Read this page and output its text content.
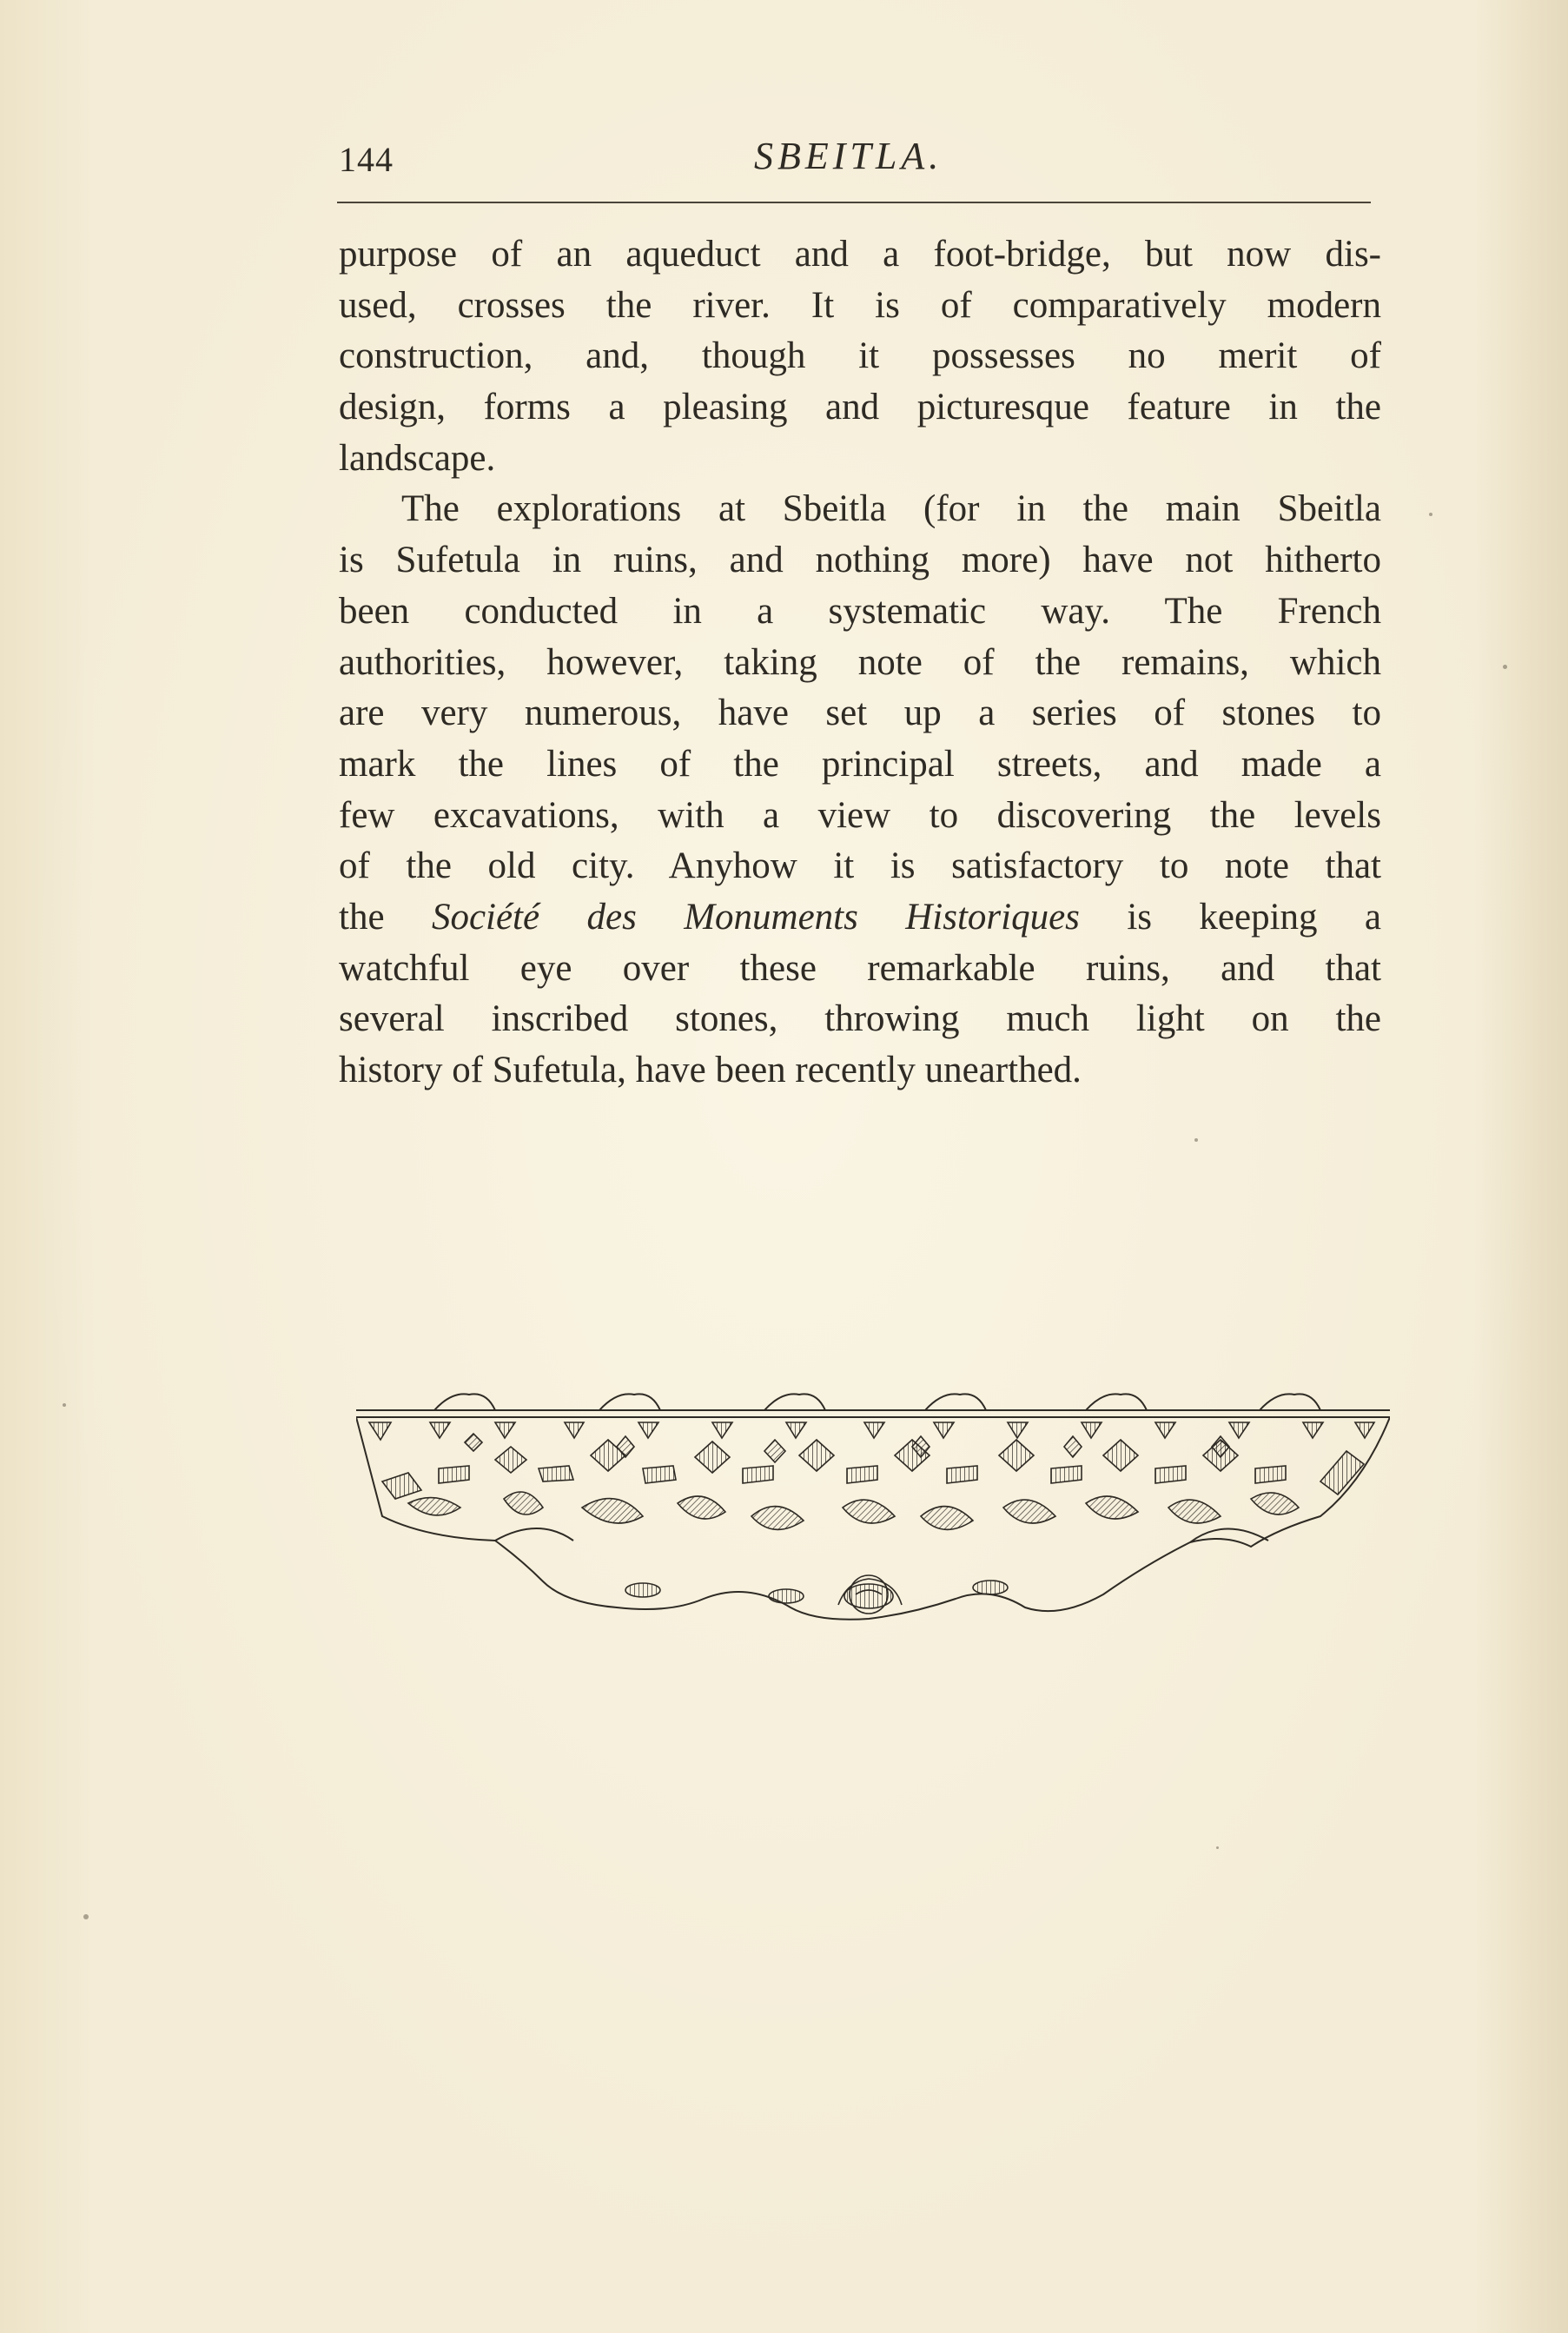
144	SBEITLA.
purpose of an aqueduct and a foot-bridge, but now dis-
used, crosses the river. It is of comparatively modern
construction, and, though it possesses no merit of
design, forms a pleasing and picturesque feature in the
landscape.
The explorations at Sbeitla (for in the main Sbeitla
is Sufetula in ruins, and nothing more) have not hitherto
been conducted in a systematic way. The French
authorities, however, taking note of the remains, which
are very numerous, have set up a series of stones to
mark the lines of the principal streets, and made a
few excavations, with a view to discovering the levels
of the old city. Anyhow it is satisfactory to note that
the Société des Monuments Historiques is keeping a
watchful eye over these remarkable ruins, and that
several inscribed stones, throwing much light on the
history of Sufetula, have been recently unearthed.
